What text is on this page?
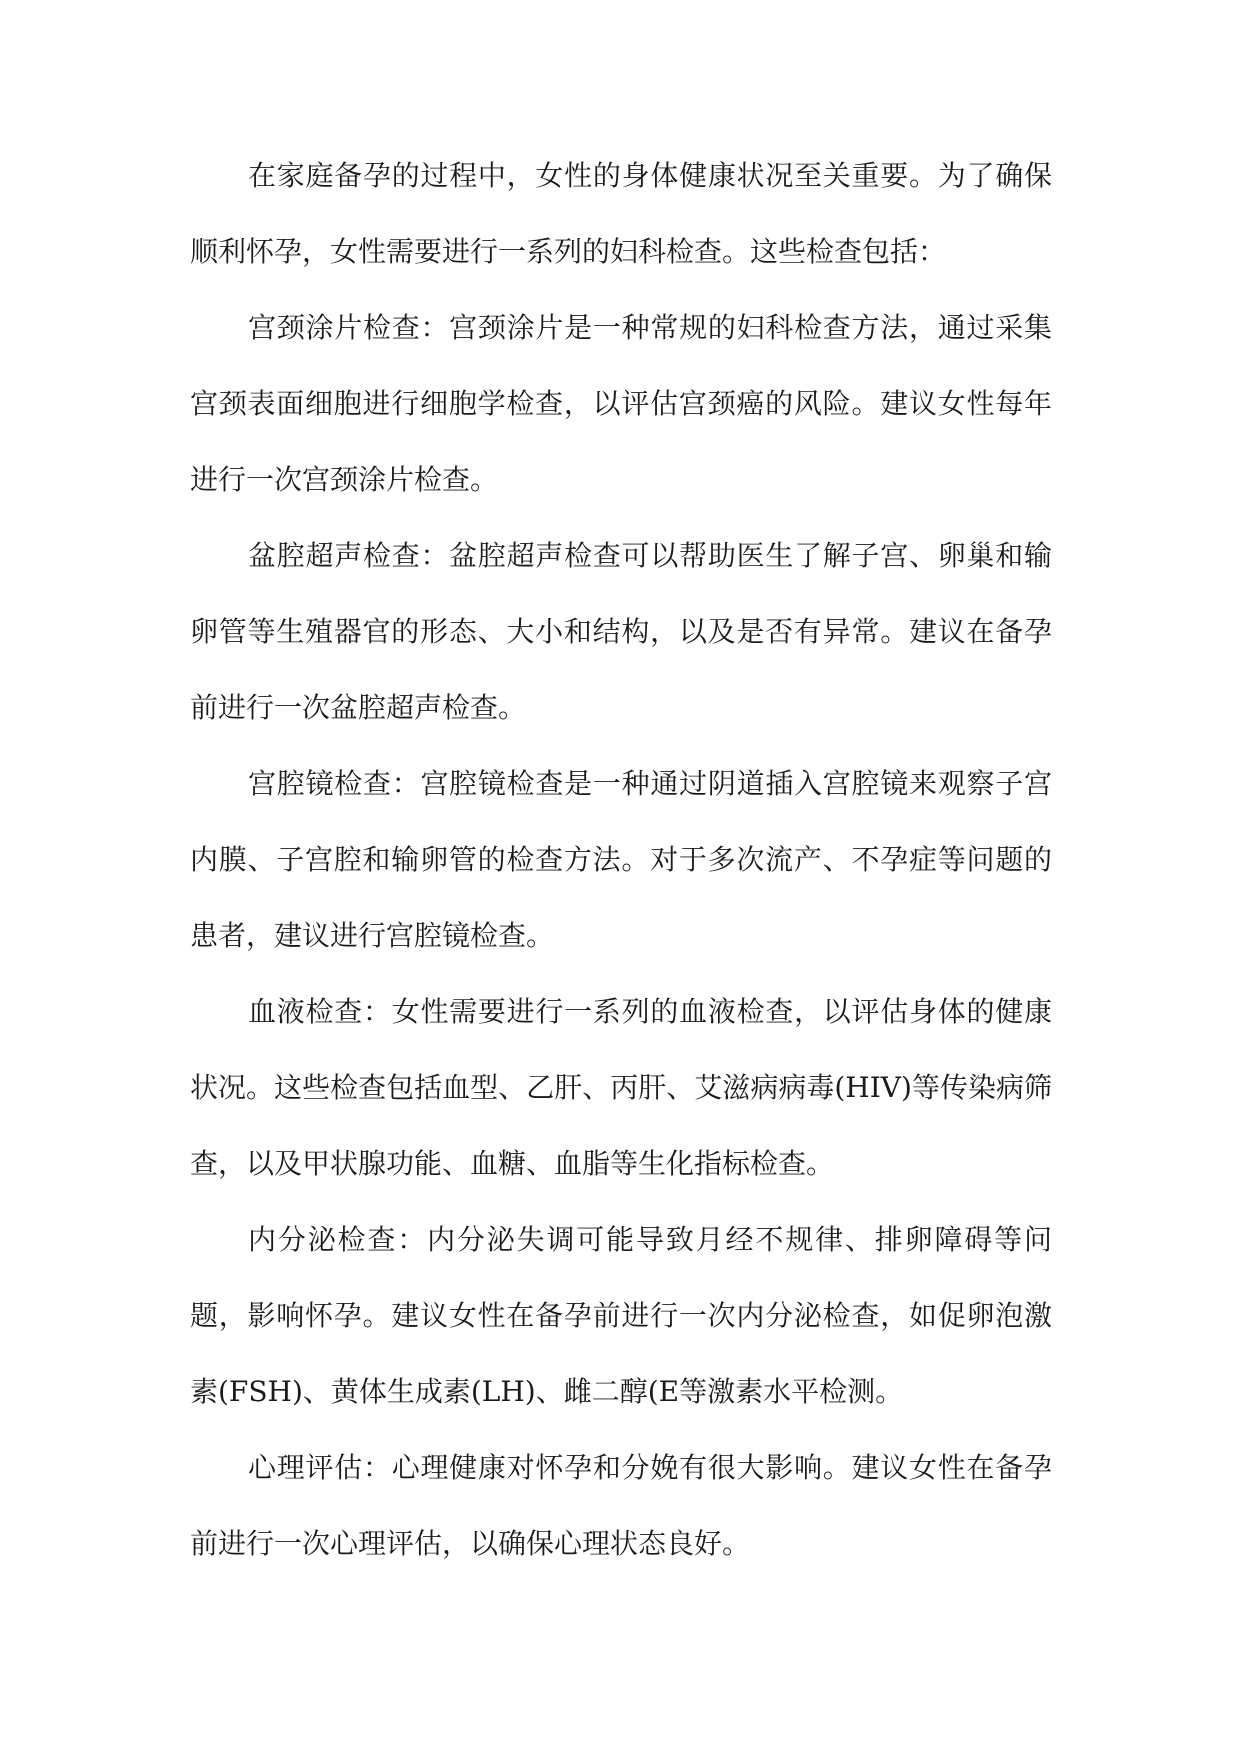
在家庭备孕的过程中，女性的身体健康状况至关重要。为了确保顺利怀孕，女性需要进行一系列的妇科检查。这些检查包括：

宫颈涂片检查：宫颈涂片是一种常规的妇科检查方法，通过采集宫颈表面细胞进行细胞学检查，以评估宫颈癌的风险。建议女性每年进行一次宫颈涂片检查。

盆腔超声检查：盆腔超声检查可以帮助医生了解子宫、卵巢和输卵管等生殖器官的形态、大小和结构，以及是否有异常。建议在备孕前进行一次盆腔超声检查。

宫腔镜检查：宫腔镜检查是一种通过阴道插入宫腔镜来观察子宫内膜、子宫腔和输卵管的检查方法。对于多次流产、不孕症等问题的患者，建议进行宫腔镜检查。

血液检查：女性需要进行一系列的血液检查，以评估身体的健康状况。这些检查包括血型、乙肝、丙肝、艾滋病病毒(HIV)等传染病筛查，以及甲状腺功能、血糖、血脂等生化指标检查。

内分泌检查：内分泌失调可能导致月经不规律、排卵障碍等问题，影响怀孕。建议女性在备孕前进行一次内分泌检查，如促卵泡激素(FSH)、黄体生成素(LH)、雌二醇(E等激素水平检测。

心理评估：心理健康对怀孕和分娩有很大影响。建议女性在备孕前进行一次心理评估，以确保心理状态良好。
